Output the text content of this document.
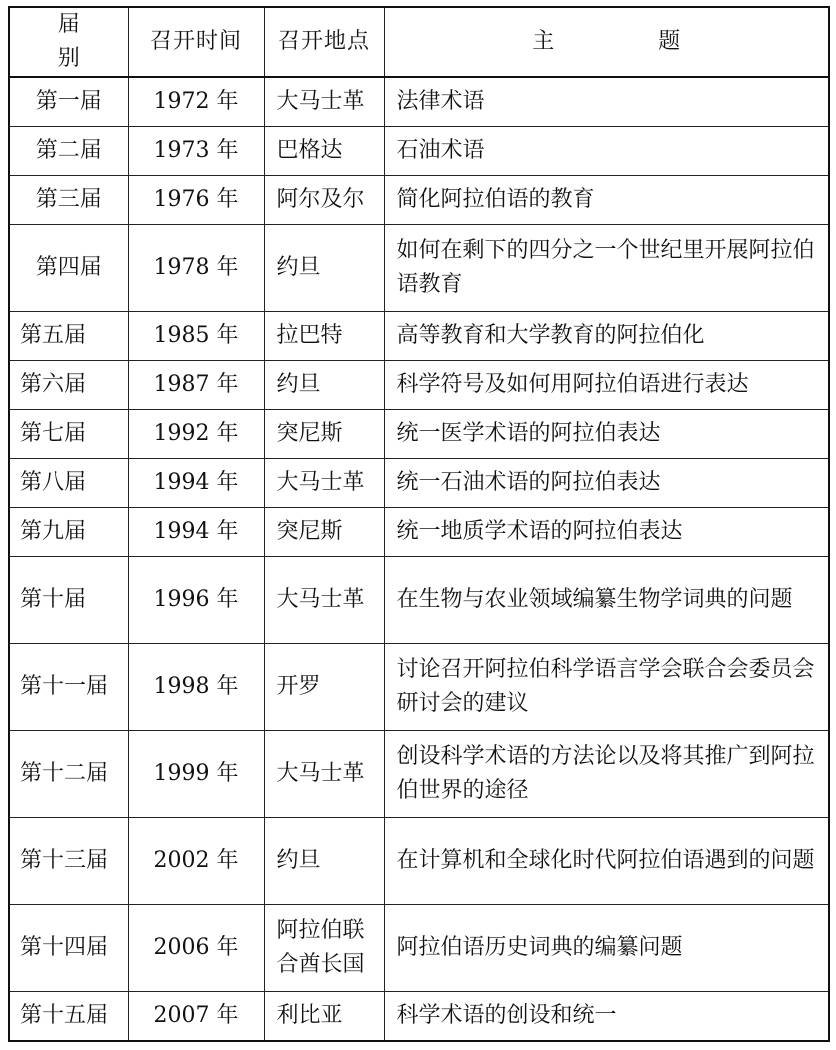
届别	召开时间	召开地点	主题
第一届	1972 年	大马士革	法律术语
第二届	1973 年	巴格达	石油术语
第三届	1976 年	阿尔及尔	简化阿拉伯语的教育
第四届	1978 年	约旦	如何在剩下的四分之一个世纪里开展阿拉伯语教育
第五届	1985 年	拉巴特	高等教育和大学教育的阿拉伯化
第六届	1987 年	约旦	科学符号及如何用阿拉伯语进行表达
第七届	1992 年	突尼斯	统一医学术语的阿拉伯表达
第八届	1994 年	大马士革	统一石油术语的阿拉伯表达
第九届	1994 年	突尼斯	统一地质学术语的阿拉伯表达
第十届	1996 年	大马士革	在生物与农业领域编纂生物学词典的问题
第十一届	1998 年	开罗	讨论召开阿拉伯科学语言学会联合会委员会研讨会的建议
第十二届	1999 年	大马士革	创设科学术语的方法论以及将其推广到阿拉伯世界的途径
第十三届	2002 年	约旦	在计算机和全球化时代阿拉伯语遇到的问题
第十四届	2006 年	阿拉伯联合酋长国	阿拉伯语历史词典的编纂问题
第十五届	2007 年	利比亚	科学术语的创设和统一
